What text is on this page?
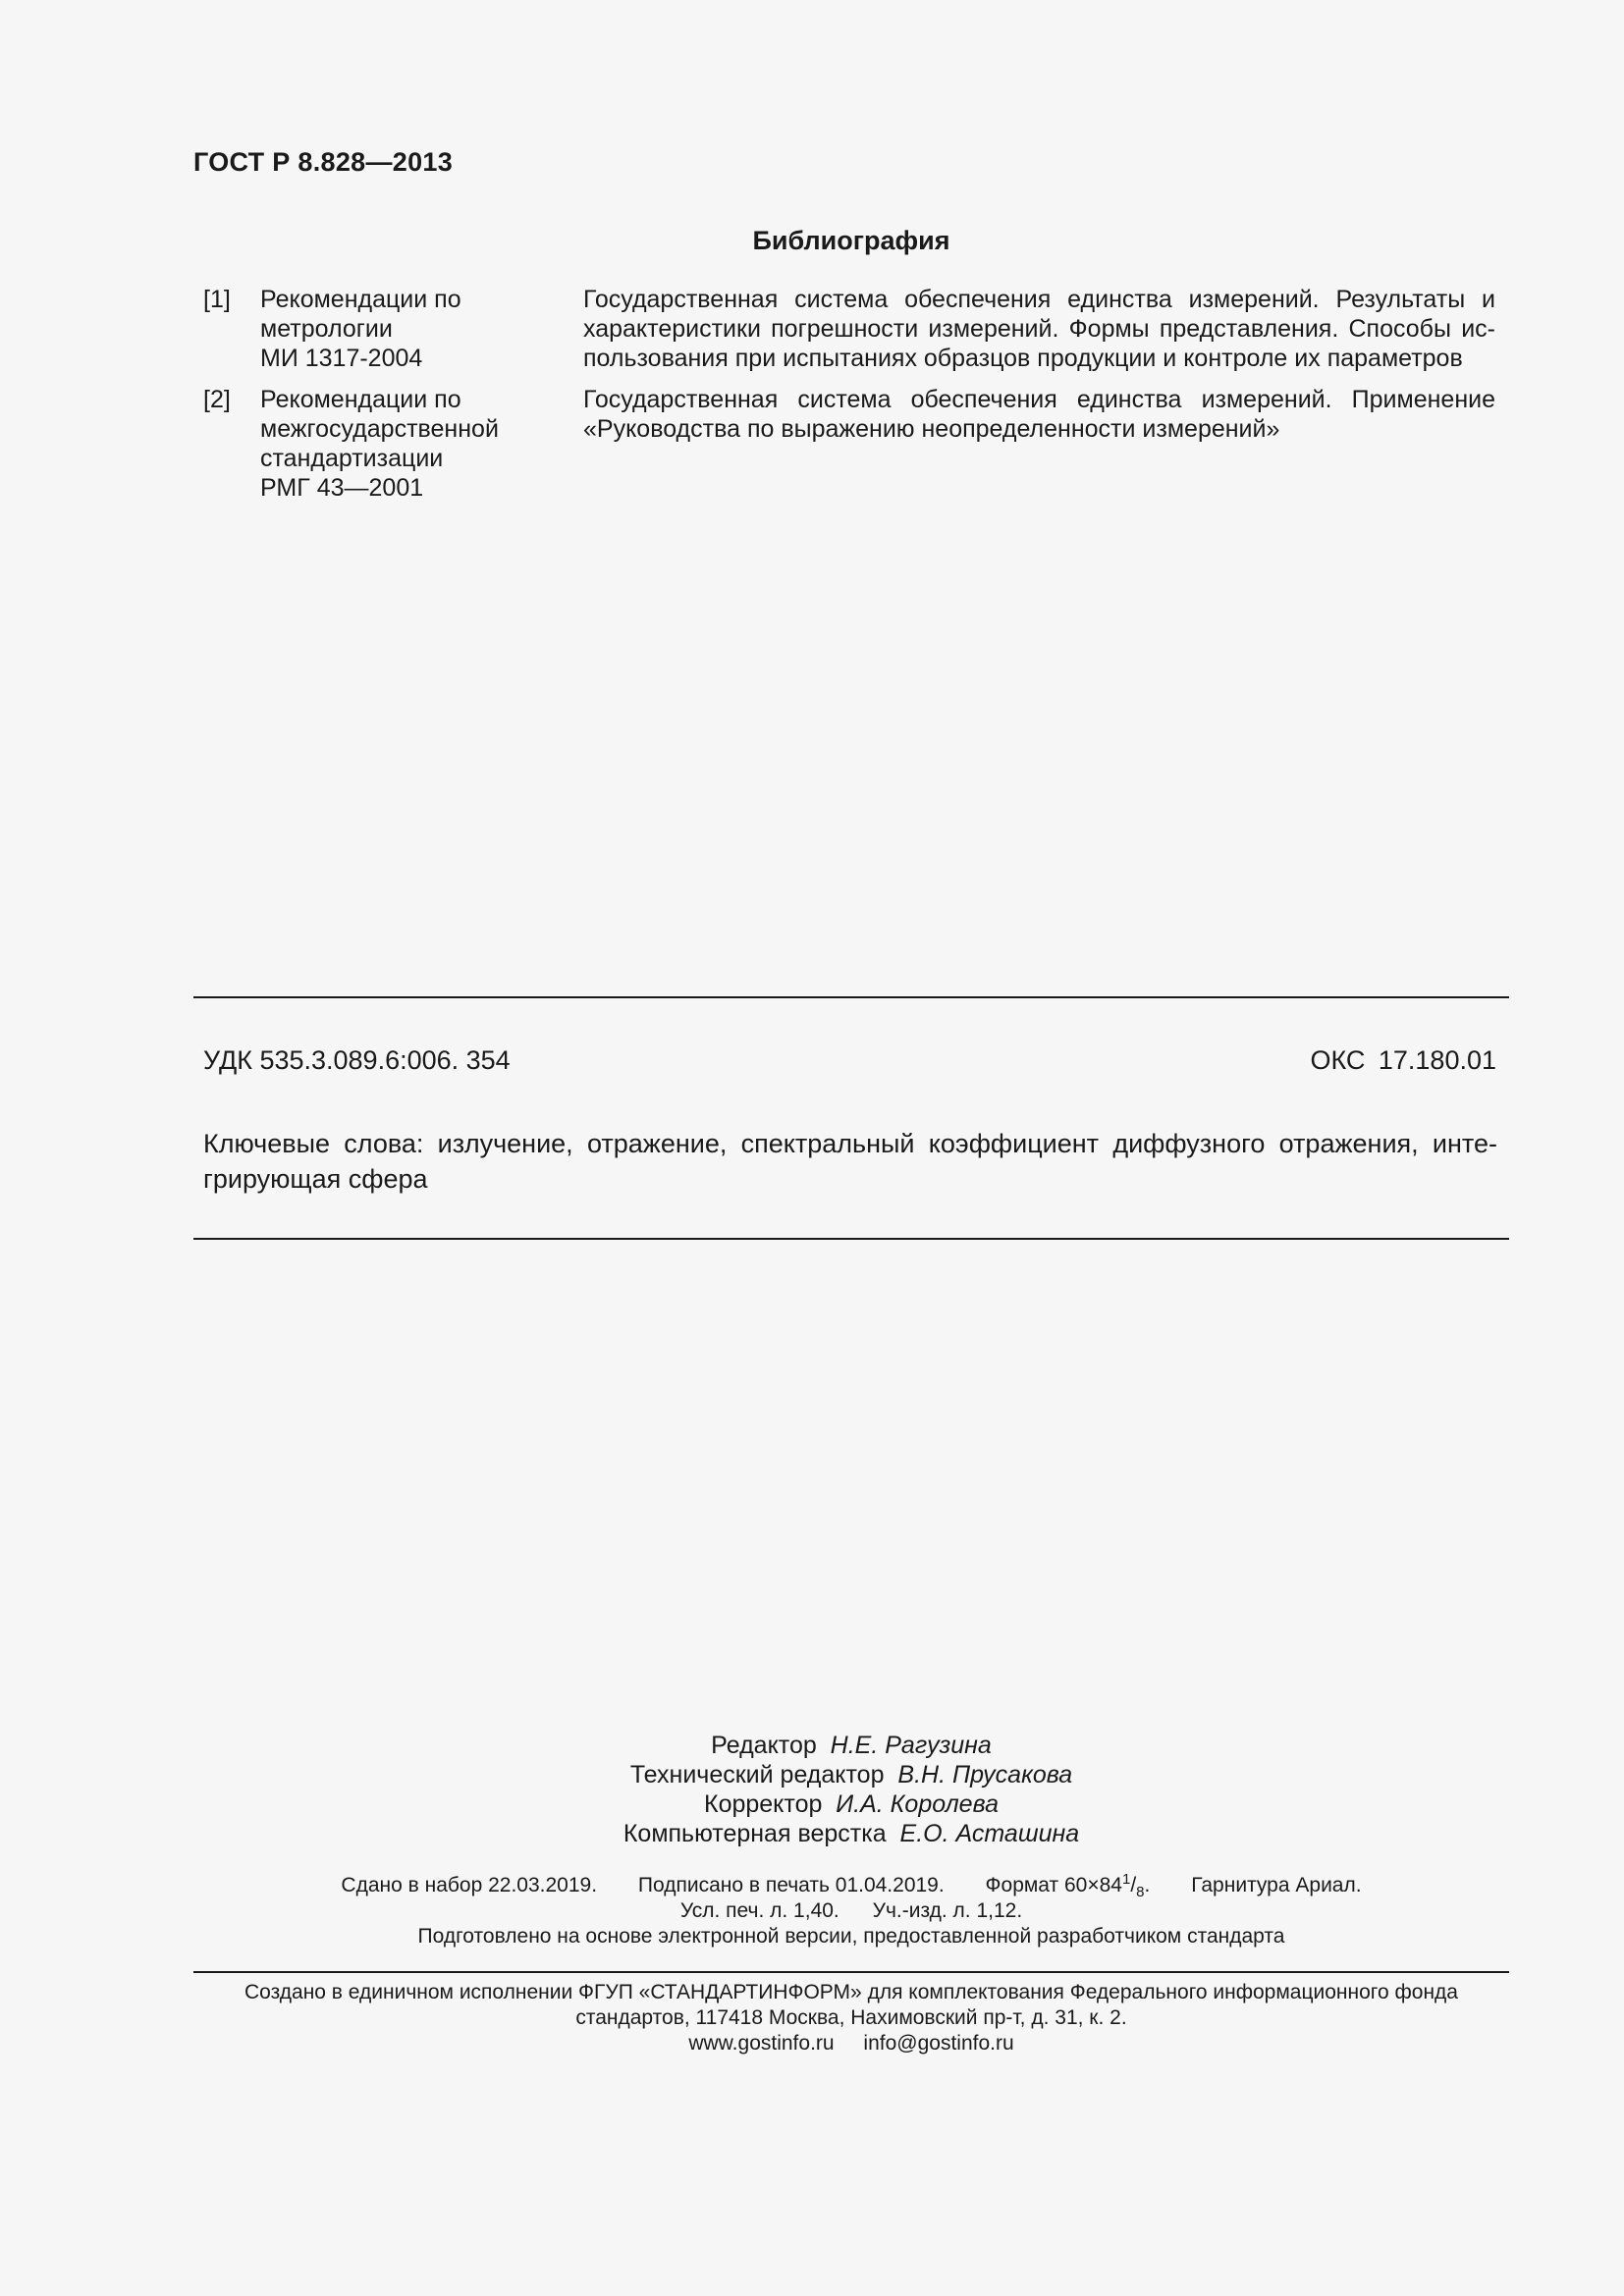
ГОСТ Р 8.828—2013
Библиография
[1] Рекомендации по
метрологии
МИ 1317-2004
Государственная система обеспечения единства измерений. Результаты и
характеристики погрешности измерений. Формы представления. Способы ис-
пользования при испытаниях образцов продукции и контроле их параметров
[2] Рекомендации по
межгосударственной
стандартизации
РМГ 43—2001
Государственная система обеспечения единства измерений. Применение
«Руководства по выражению неопределенности измерений»
УДК 535.3.089.6:006. 354	ОКС 17.180.01
Ключевые слова: излучение, отражение, спектральный коэффициент диффузного отражения, инте-
грирующая сфера
Редактор Н.Е. Рагузина
Технический редактор В.Н. Прусакова
Корректор И.А. Королева
Компьютерная верстка Е.О. Асташина
Сдано в набор 22.03.2019. Подписано в печать 01.04.2019. Формат $60\times 84^1/_8$. Гарнитура Ариал.
Усл. печ. л. 1,40. Уч.-изд. л. 1,12.
Подготовлено на основе электронной версии, предоставленной разработчиком стандарта
Создано в единичном исполнении ФГУП «СТАНДАРТИНФОРМ» для комплектования Федерального информационного фонда
стандартов, 117418 Москва, Нахимовский пр-т, д. 31, к. 2.
www.gostinfo.ru info@gostinfo.ru
